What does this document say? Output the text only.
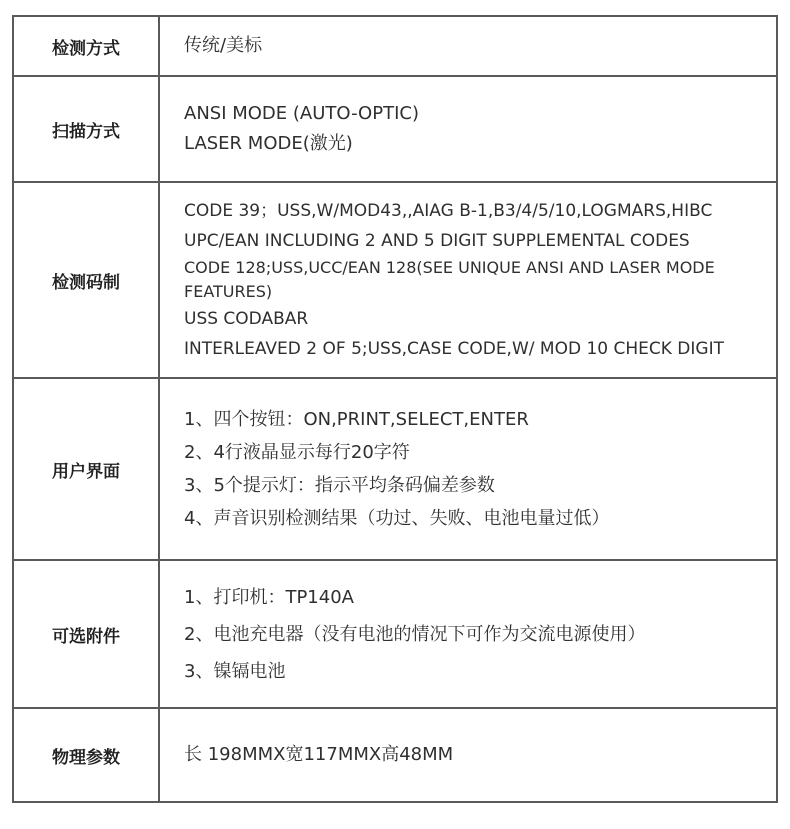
检测方式	传统/美标

扫描方式	ANSI MODE (AUTO-OPTIC)
LASER MODE(激光)

检测码制	CODE 39；USS,W/MOD43,,AIAG B-1,B3/4/5/10,LOGMARS,HIBC
UPC/EAN INCLUDING 2 AND 5 DIGIT SUPPLEMENTAL CODES
CODE 128;USS,UCC/EAN 128(SEE UNIQUE ANSI AND LASER MODE FEATURES)
USS CODABAR
INTERLEAVED 2 OF 5;USS,CASE CODE,W/ MOD 10 CHECK DIGIT

用户界面	1、四个按钮：ON,PRINT,SELECT,ENTER
2、4行液晶显示每行20字符
3、5个提示灯：指示平均条码偏差参数
4、声音识别检测结果（功过、失败、电池电量过低）

可选附件	1、打印机：TP140A
2、电池充电器（没有电池的情况下可作为交流电源使用）
3、镍镉电池

物理参数	长 198MMX宽117MMX高48MM
